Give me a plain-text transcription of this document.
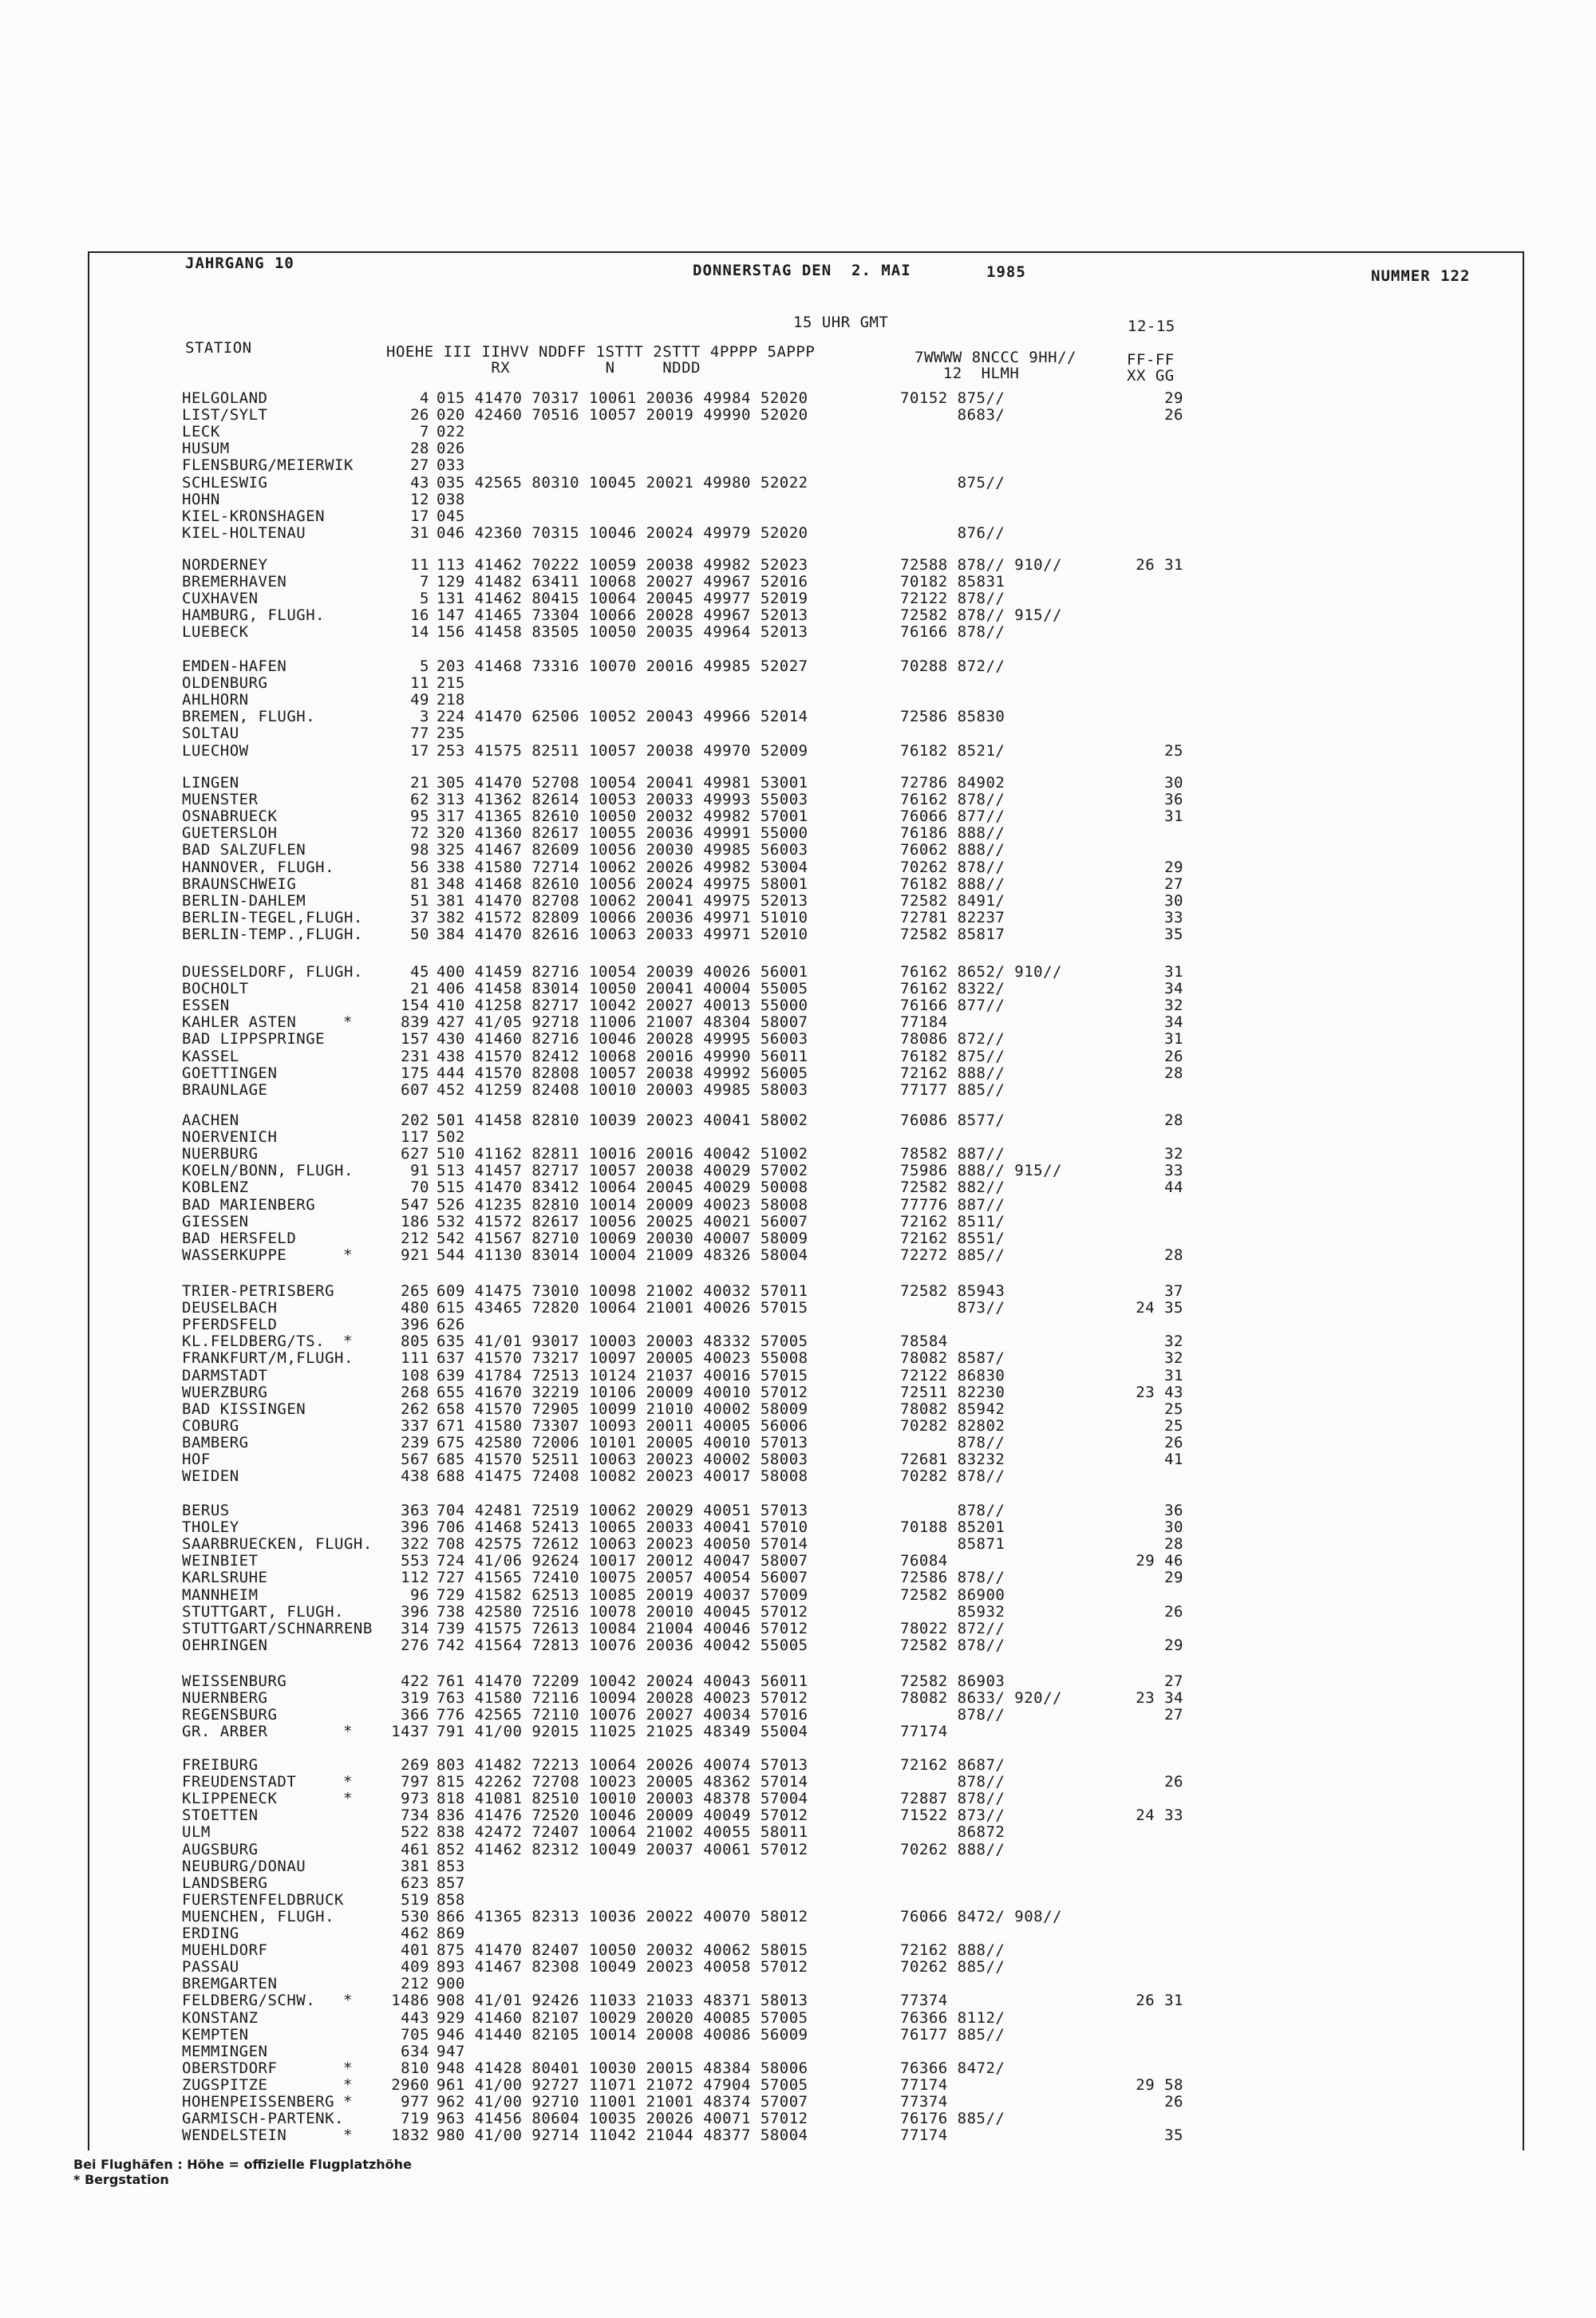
JAHRGANG 10	DONNERSTAG DEN  2. MAI	1985	NUMMER 122
15 UHR GMT	12-15
STATION	HOEHE III IIHVV NDDFF 1STTT 2STTT 4PPPP 5APPP
RX          N     NDDD
7WWWW 8NCCC 9HH//
12  HLMH
FF-FF
XX GG
HELGOLAND	4 015 41470 70317 10061 20036 49984 52020	70152 875//	29
LIST/SYLT	26 020 42460 70516 10057 20019 49990 52020	8683/	26
LECK	7 022
HUSUM	28 026
FLENSBURG/MEIERWIK	27 033
SCHLESWIG	43 035 42565 80310 10045 20021 49980 52022	875//
HOHN	12 038
KIEL-KRONSHAGEN	17 045
KIEL-HOLTENAU	31 046 42360 70315 10046 20024 49979 52020	876//
NORDERNEY	11 113 41462 70222 10059 20038 49982 52023	72588 878// 910//	26 31
BREMERHAVEN	7 129 41482 63411 10068 20027 49967 52016	70182 85831
CUXHAVEN	5 131 41462 80415 10064 20045 49977 52019	72122 878//
HAMBURG, FLUGH.	16 147 41465 73304 10066 20028 49967 52013	72582 878// 915//
LUEBECK	14 156 41458 83505 10050 20035 49964 52013	76166 878//
EMDEN-HAFEN	5 203 41468 73316 10070 20016 49985 52027	70288 872//
OLDENBURG	11 215
AHLHORN	49 218
BREMEN, FLUGH.	3 224 41470 62506 10052 20043 49966 52014	72586 85830
SOLTAU	77 235
LUECHOW	17 253 41575 82511 10057 20038 49970 52009	76182 8521/	25
LINGEN	21 305 41470 52708 10054 20041 49981 53001	72786 84902	30
MUENSTER	62 313 41362 82614 10053 20033 49993 55003	76162 878//	36
OSNABRUECK	95 317 41365 82610 10050 20032 49982 57001	76066 877//	31
GUETERSLOH	72 320 41360 82617 10055 20036 49991 55000	76186 888//
BAD SALZUFLEN	98 325 41467 82609 10056 20030 49985 56003	76062 888//
HANNOVER, FLUGH.	56 338 41580 72714 10062 20026 49982 53004	70262 878//	29
BRAUNSCHWEIG	81 348 41468 82610 10056 20024 49975 58001	76182 888//	27
BERLIN-DAHLEM	51 381 41470 82708 10062 20041 49975 52013	72582 8491/	30
BERLIN-TEGEL,FLUGH.	37 382 41572 82809 10066 20036 49971 51010	72781 82237	33
BERLIN-TEMP.,FLUGH.	50 384 41470 82616 10063 20033 49971 52010	72582 85817	35
DUESSELDORF, FLUGH.	45 400 41459 82716 10054 20039 40026 56001	76162 8652/ 910//	31
BOCHOLT	21 406 41458 83014 10050 20041 40004 55005	76162 8322/	34
ESSEN	154 410 41258 82717 10042 20027 40013 55000	76166 877//	32
KAHLER ASTEN	*	839 427 41/05 92718 11006 21007 48304 58007	77184	34
BAD LIPPSPRINGE	157 430 41460 82716 10046 20028 49995 56003	78086 872//	31
KASSEL	231 438 41570 82412 10068 20016 49990 56011	76182 875//	26
GOETTINGEN	175 444 41570 82808 10057 20038 49992 56005	72162 888//	28
BRAUNLAGE	607 452 41259 82408 10010 20003 49985 58003	77177 885//
AACHEN	202 501 41458 82810 10039 20023 40041 58002	76086 8577/	28
NOERVENICH	117 502
NUERBURG	627 510 41162 82811 10016 20016 40042 51002	78582 887//	32
KOELN/BONN, FLUGH.	91 513 41457 82717 10057 20038 40029 57002	75986 888// 915//	33
KOBLENZ	70 515 41470 83412 10064 20045 40029 50008	72582 882//	44
BAD MARIENBERG	547 526 41235 82810 10014 20009 40023 58008	77776 887//
GIESSEN	186 532 41572 82617 10056 20025 40021 56007	72162 8511/
BAD HERSFELD	212 542 41567 82710 10069 20030 40007 58009	72162 8551/
WASSERKUPPE	*	921 544 41130 83014 10004 21009 48326 58004	72272 885//	28
TRIER-PETRISBERG	265 609 41475 73010 10098 21002 40032 57011	72582 85943	37
DEUSELBACH	480 615 43465 72820 10064 21001 40026 57015	873//	24 35
PFERDSFELD	396 626
KL.FELDBERG/TS. *	805 635 41/01 93017 10003 20003 48332 57005	78584	32
FRANKFURT/M,FLUGH.	111 637 41570 73217 10097 20005 40023 55008	78082 8587/	32
DARMSTADT	108 639 41784 72513 10124 21037 40016 57015	72122 86830	31
WUERZBURG	268 655 41670 32219 10106 20009 40010 57012	72511 82230	23 43
BAD KISSINGEN	262 658 41570 72905 10099 21010 40002 58009	78082 85942	25
COBURG	337 671 41580 73307 10093 20011 40005 56006	70282 82802	25
BAMBERG	239 675 42580 72006 10101 20005 40010 57013	878//	26
HOF	567 685 41570 52511 10063 20023 40002 58003	72681 83232	41
WEIDEN	438 688 41475 72408 10082 20023 40017 58008	70282 878//
BERUS	363 704 42481 72519 10062 20029 40051 57013	878//	36
THOLEY	396 706 41468 52413 10065 20033 40041 57010	70188 85201	30
SAARBRUECKEN, FLUGH.	322 708 42575 72612 10063 20023 40050 57014	85871	28
WEINBIET	553 724 41/06 92624 10017 20012 40047 58007	76084	29 46
KARLSRUHE	112 727 41565 72410 10075 20057 40054 56007	72586 878//	29
MANNHEIM	96 729 41582 62513 10085 20019 40037 57009	72582 86900
STUTTGART, FLUGH.	396 738 42580 72516 10078 20010 40045 57012	85932	26
STUTTGART/SCHNARRENB	314 739 41575 72613 10084 21004 40046 57012	78022 872//
OEHRINGEN	276 742 41564 72813 10076 20036 40042 55005	72582 878//	29
WEISSENBURG	422 761 41470 72209 10042 20024 40043 56011	72582 86903	27
NUERNBERG	319 763 41580 72116 10094 20028 40023 57012	78082 8633/ 920//	23 34
REGENSBURG	366 776 42565 72110 10076 20027 40034 57016	878//	27
GR. ARBER	*	1437 791 41/00 92015 11025 21025 48349 55004	77174
FREIBURG	269 803 41482 72213 10064 20026 40074 57013	72162 8687/
FREUDENSTADT	*	797 815 42262 72708 10023 20005 48362 57014	878//	26
KLIPPENECK	*	973 818 41081 82510 10010 20003 48378 57004	72887 878//
STOETTEN	734 836 41476 72520 10046 20009 40049 57012	71522 873//	24 33
ULM	522 838 42472 72407 10064 21002 40055 58011	86872
AUGSBURG	461 852 41462 82312 10049 20037 40061 57012	70262 888//
NEUBURG/DONAU	381 853
LANDSBERG	623 857
FUERSTENFELDBRUCK	519 858
MUENCHEN, FLUGH.	530 866 41365 82313 10036 20022 40070 58012	76066 8472/ 908//
ERDING	462 869
MUEHLDORF	401 875 41470 82407 10050 20032 40062 58015	72162 888//
PASSAU	409 893 41467 82308 10049 20023 40058 57012	70262 885//
BREMGARTEN	212 900
FELDBERG/SCHW. *	1486 908 41/01 92426 11033 21033 48371 58013	77374	26 31
KONSTANZ	443 929 41460 82107 10029 20020 40085 57005	76366 8112/
KEMPTEN	705 946 41440 82105 10014 20008 40086 56009	76177 885//
MEMMINGEN	634 947
OBERSTDORF	*	810 948 41428 80401 10030 20015 48384 58006	76366 8472/
ZUGSPITZE	*	2960 961 41/00 92727 11071 21072 47904 57005	77174	29 58
HOHENPEISSENBERG *	977 962 41/00 92710 11001 21001 48374 57007	77374	26
GARMISCH-PARTENK.	719 963 41456 80604 10035 20026 40071 57012	76176 885//
WENDELSTEIN	*	1832 980 41/00 92714 11042 21044 48377 58004	77174	35
Bei Flughäfen : Höhe = offizielle Flugplatzhöhe
* Bergstation
